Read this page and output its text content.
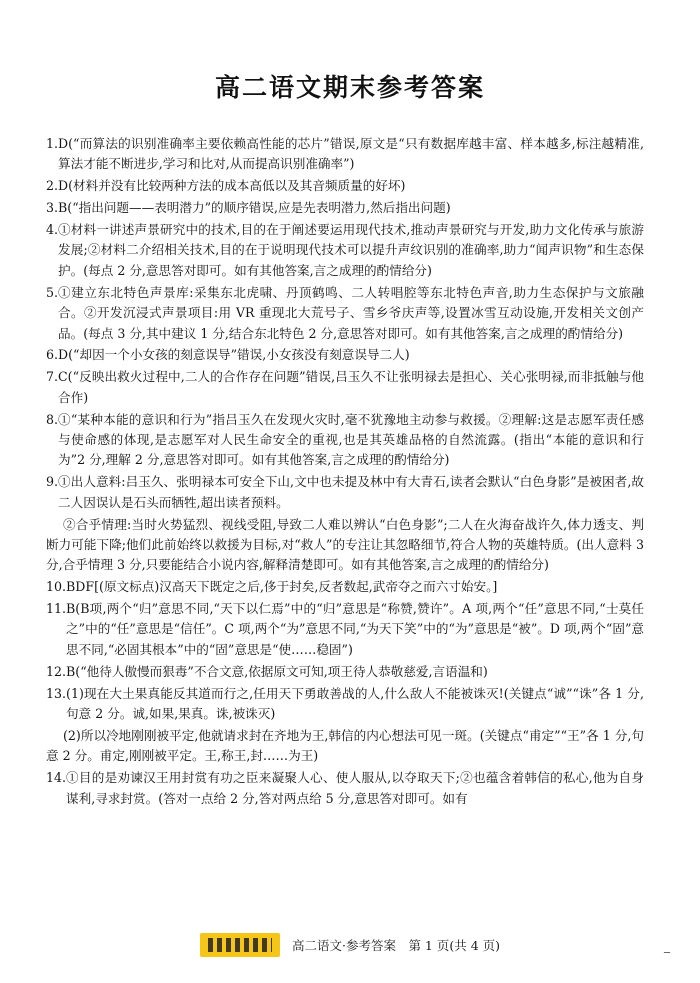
高二语文期末参考答案
1. D(“而算法的识别准确率主要依赖高性能的芯片”错误,原文是“只有数据库越丰富、样本越多,标注越精准,算法才能不断进步,学习和比对,从而提高识别准确率”)
2. D(材料并没有比较两种方法的成本高低以及其音频质量的好坏)
3. B(“指出问题——表明潜力”的顺序错误,应是先表明潜力,然后指出问题)
4. ①材料一讲述声景研究中的技术,目的在于阐述要运用现代技术,推动声景研究与开发,助力文化传承与旅游发展;②材料二介绍相关技术,目的在于说明现代技术可以提升声纹识别的准确率,助力“闻声识物”和生态保护。(每点 2 分,意思答对即可。如有其他答案,言之成理的酌情给分)
5. ①建立东北特色声景库:采集东北虎啸、丹顶鹤鸣、二人转唱腔等东北特色声音,助力生态保护与文旅融合。②开发沉浸式声景项目:用 VR 重现北大荒号子、雪乡爷庆声等,设置冰雪互动设施,开发相关文创产品。(每点 3 分,其中建议 1 分,结合东北特色 2 分,意思答对即可。如有其他答案,言之成理的酌情给分)
6. D(“却因一个小女孩的刻意误导”错误,小女孩没有刻意误导二人)
7. C(“反映出救火过程中,二人的合作存在问题”错误,吕玉久不让张明禄去是担心、关心张明禄,而非抵触与他合作)
8. ①“某种本能的意识和行为”指吕玉久在发现火灾时,毫不犹豫地主动参与救援。②理解:这是志愿军责任感与使命感的体现,是志愿军对人民生命安全的重视,也是其英雄品格的自然流露。(指出“本能的意识和行为”2 分,理解 2 分,意思答对即可。如有其他答案,言之成理的酌情给分)
9. ①出人意料:吕玉久、张明禄本可安全下山,文中也未提及林中有大青石,读者会默认“白色身影”是被困者,故二人因误认是石头而牺牲,超出读者预料。
②合乎情理:当时火势猛烈、视线受阻,导致二人难以辨认“白色身影”;二人在火海奋战许久,体力透支、判断力可能下降;他们此前始终以救援为目标,对“救人”的专注让其忽略细节,符合人物的英雄特质。(出人意料 3 分,合乎情理 3 分,只要能结合小说内容,解释清楚即可。如有其他答案,言之成理的酌情给分)
10. BDF[(原文标点)汉高天下既定之后,侈于封矣,反者数起,武帝夺之而六寸始安。]
11. B(B项,两个“归”意思不同,“天下以仁焉”中的“归”意思是“称赞,赞许”。A 项,两个“任”意思不同,“士莫任之”中的“任”意思是“信任”。C 项,两个“为”意思不同,“为天下笑”中的“为”意思是“被”。D 项,两个“固”意思不同,“必固其根本”中的“固”意思是“使……稳固”)
12. B(“他待人傲慢而狠毒”不合文意,依据原文可知,项王待人恭敬慈爱,言语温和)
13. (1)现在大土果真能反其道而行之,任用天下勇敢善战的人,什么敌人不能被诛灭!(关键点“诚”“诛”各 1 分,句意 2 分。诚,如果,果真。诛,被诛灭)
(2)所以冷地刚刚被平定,他就请求封在齐地为王,韩信的内心想法可见一斑。(关键点“甫定”“王”各 1 分,句意 2 分。甫定,刚刚被平定。王,称王,封……为王)
14. ①目的是劝谏汉王用封赏有功之臣来凝聚人心、使人服从,以夺取天下;②也蕴含着韩信的私心,他为自身谋利,寻求封赏。(答对一点给 2 分,答对两点给 5 分,意思答对即可。如有
高二语文·参考答案　第 1 页(共 4 页)	_
